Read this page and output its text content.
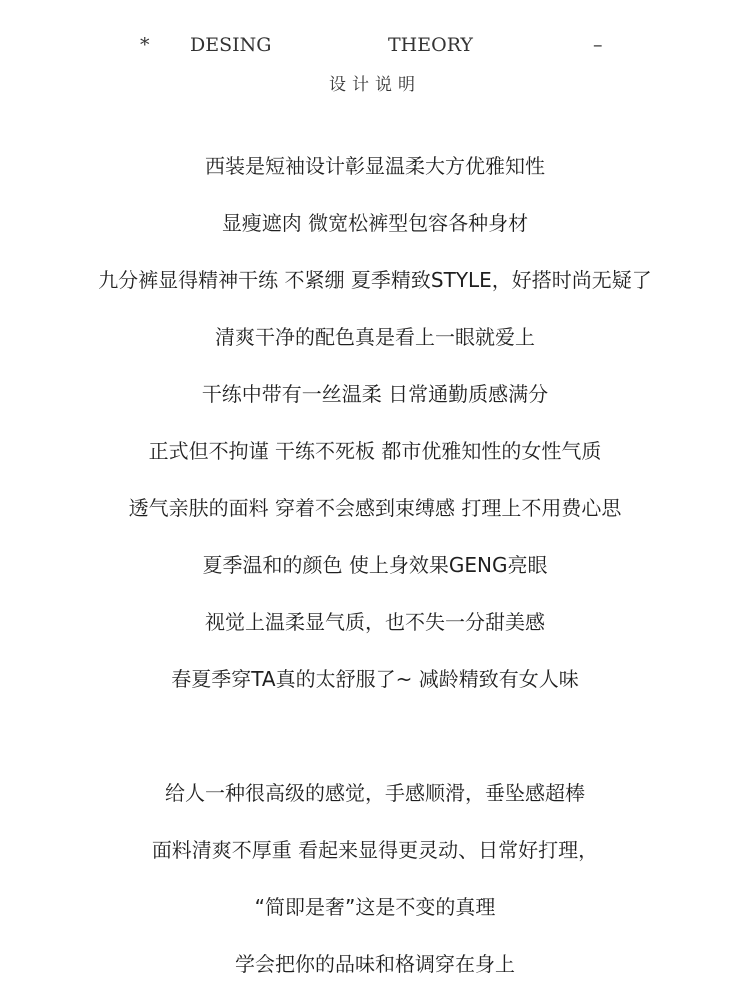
* DESING	THEORY	–
设计说明
西装是短袖设计彰显温柔大方优雅知性
显瘦遮肉 微宽松裤型包容各种身材
九分裤显得精神干练 不紧绷 夏季精致STYLE，好搭时尚无疑了
清爽干净的配色真是看上一眼就爱上
干练中带有一丝温柔 日常通勤质感满分
正式但不拘谨 干练不死板 都市优雅知性的女性气质
透气亲肤的面料 穿着不会感到束缚感 打理上不用费心思
夏季温和的颜色 使上身效果GENG亮眼
视觉上温柔显气质，也不失一分甜美感
春夏季穿TA真的太舒服了~ 减龄精致有女人味
给人一种很高级的感觉，手感顺滑，垂坠感超棒
面料清爽不厚重 看起来显得更灵动、日常好打理，
“简即是奢”这是不变的真理
学会把你的品味和格调穿在身上
